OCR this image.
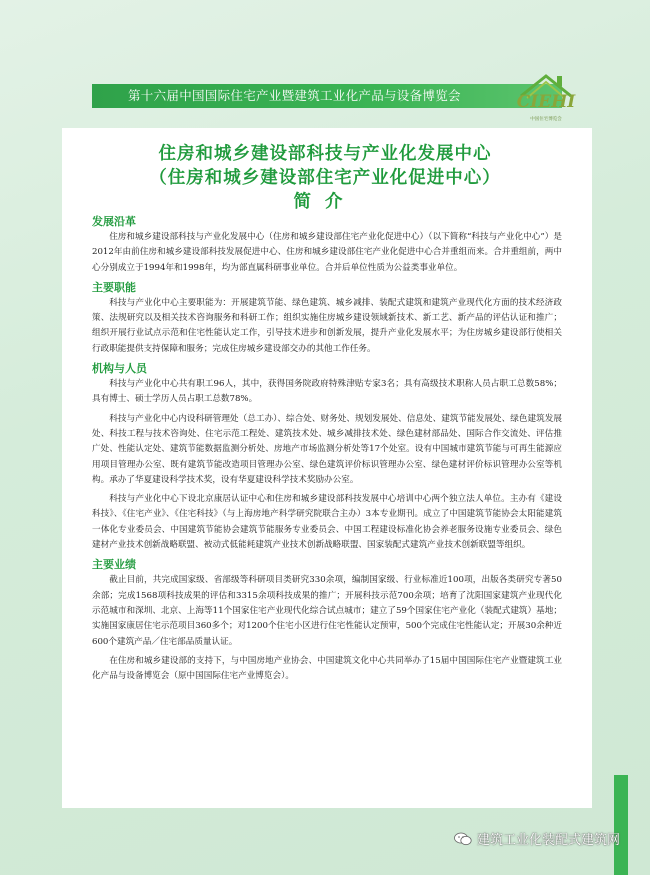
第十六届中国国际住宅产业暨建筑工业化产品与设备博览会	CIEHI
中国住宅博览会
住房和城乡建设部科技与产业化发展中心
（住房和城乡建设部住宅产业化促进中心）
简介
发展沿革

住房和城乡建设部科技与产业化发展中心（住房和城乡建设部住宅产业化促进中心）（以下简称“科技与产业化中心”）是2012年由前住房和城乡建设部科技发展促进中心、住房和城乡建设部住宅产业化促进中心合并重组而来。合并重组前，两中心分别成立于1994年和1998年，均为部直属科研事业单位。合并后单位性质为公益类事业单位。

主要职能

科技与产业化中心主要职能为：开展建筑节能、绿色建筑、城乡减排、装配式建筑和建筑产业现代化方面的技术经济政策、法规研究以及相关技术咨询服务和科研工作；组织实施住房城乡建设领域新技术、新工艺、新产品的评估认证和推广；组织开展行业试点示范和住宅性能认定工作，引导技术进步和创新发展，提升产业化发展水平；为住房城乡建设部行使相关行政职能提供支持保障和服务；完成住房城乡建设部交办的其他工作任务。

机构与人员

科技与产业化中心共有职工96人，其中，获得国务院政府特殊津贴专家3名；具有高级技术职称人员占职工总数58%；具有博士、硕士学历人员占职工总数78%。

科技与产业化中心内设科研管理处（总工办）、综合处、财务处、规划发展处、信息处、建筑节能发展处、绿色建筑发展处、科技工程与技术咨询处、住宅示范工程处、建筑技术处、城乡减排技术处、绿色建材部品处、国际合作交流处、评估推广处、性能认定处、建筑节能数据监测分析处、房地产市场监测分析处等17个处室。设有中国城市建筑节能与可再生能源应用项目管理办公室、既有建筑节能改造项目管理办公室、绿色建筑评价标识管理办公室、绿色建材评价标识管理办公室等机构。承办了华夏建设科学技术奖，设有华夏建设科学技术奖励办公室。

科技与产业化中心下设北京康居认证中心和住房和城乡建设部科技发展中心培训中心两个独立法人单位。主办有《建设科技》、《住宅产业》、《住宅科技》（与上海房地产科学研究院联合主办）3本专业期刊。成立了中国建筑节能协会太阳能建筑一体化专业委员会、中国建筑节能协会建筑节能服务专业委员会、中国工程建设标准化协会养老服务设施专业委员会、绿色建材产业技术创新战略联盟、被动式低能耗建筑产业技术创新战略联盟、国家装配式建筑产业技术创新联盟等组织。

主要业绩

截止目前，共完成国家级、省部级等科研项目类研究330余项，编制国家级、行业标准近100项，出版各类研究专著50余部；完成1568项科技成果的评估和3315余项科技成果的推广；开展科技示范700余项；培育了沈阳国家建筑产业现代化示范城市和深圳、北京、上海等11个国家住宅产业现代化综合试点城市；建立了59个国家住宅产业化（装配式建筑）基地；实施国家康居住宅示范项目360多个；对1200个住宅小区进行住宅性能认定预审，500个完成住宅性能认定；开展30余种近600个建筑产品／住宅部品质量认证。

在住房和城乡建设部的支持下，与中国房地产业协会、中国建筑文化中心共同举办了15届中国国际住宅产业暨建筑工业化产品与设备博览会（原中国国际住宅产业博览会）。

建筑工业化装配式建筑网
